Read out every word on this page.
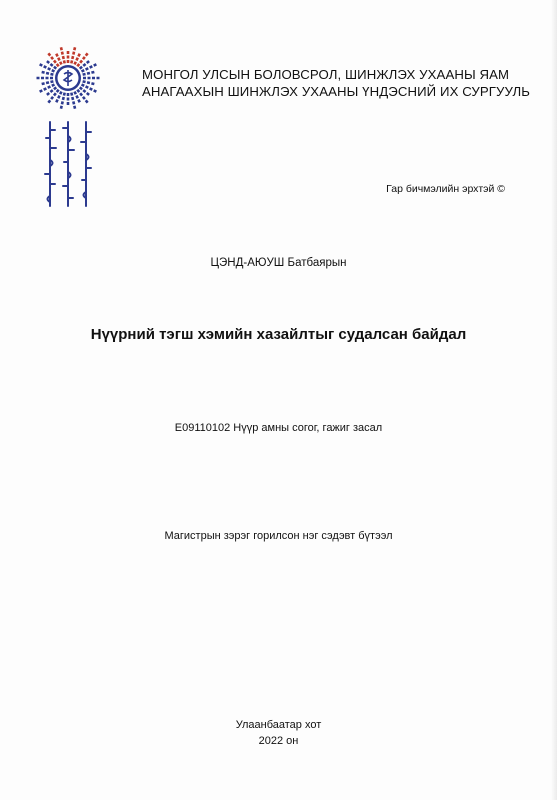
МОНГОЛ УЛСЫН БОЛОВСРОЛ, ШИНЖЛЭХ УХААНЫ ЯАМ
АНАГААХЫН ШИНЖЛЭХ УХААНЫ ҮНДЭСНИЙ ИХ СУРГУУЛЬ
Гар бичмэлийн эрхтэй ©
ЦЭНД-АЮУШ Батбаярын
Нүүрний тэгш хэмийн хазайлтыг судалсан байдал
E09110102 Нүүр амны согог, гажиг засал
Магистрын зэрэг горилсон нэг сэдэвт бүтээл
Улаанбаатар хот
2022 он
